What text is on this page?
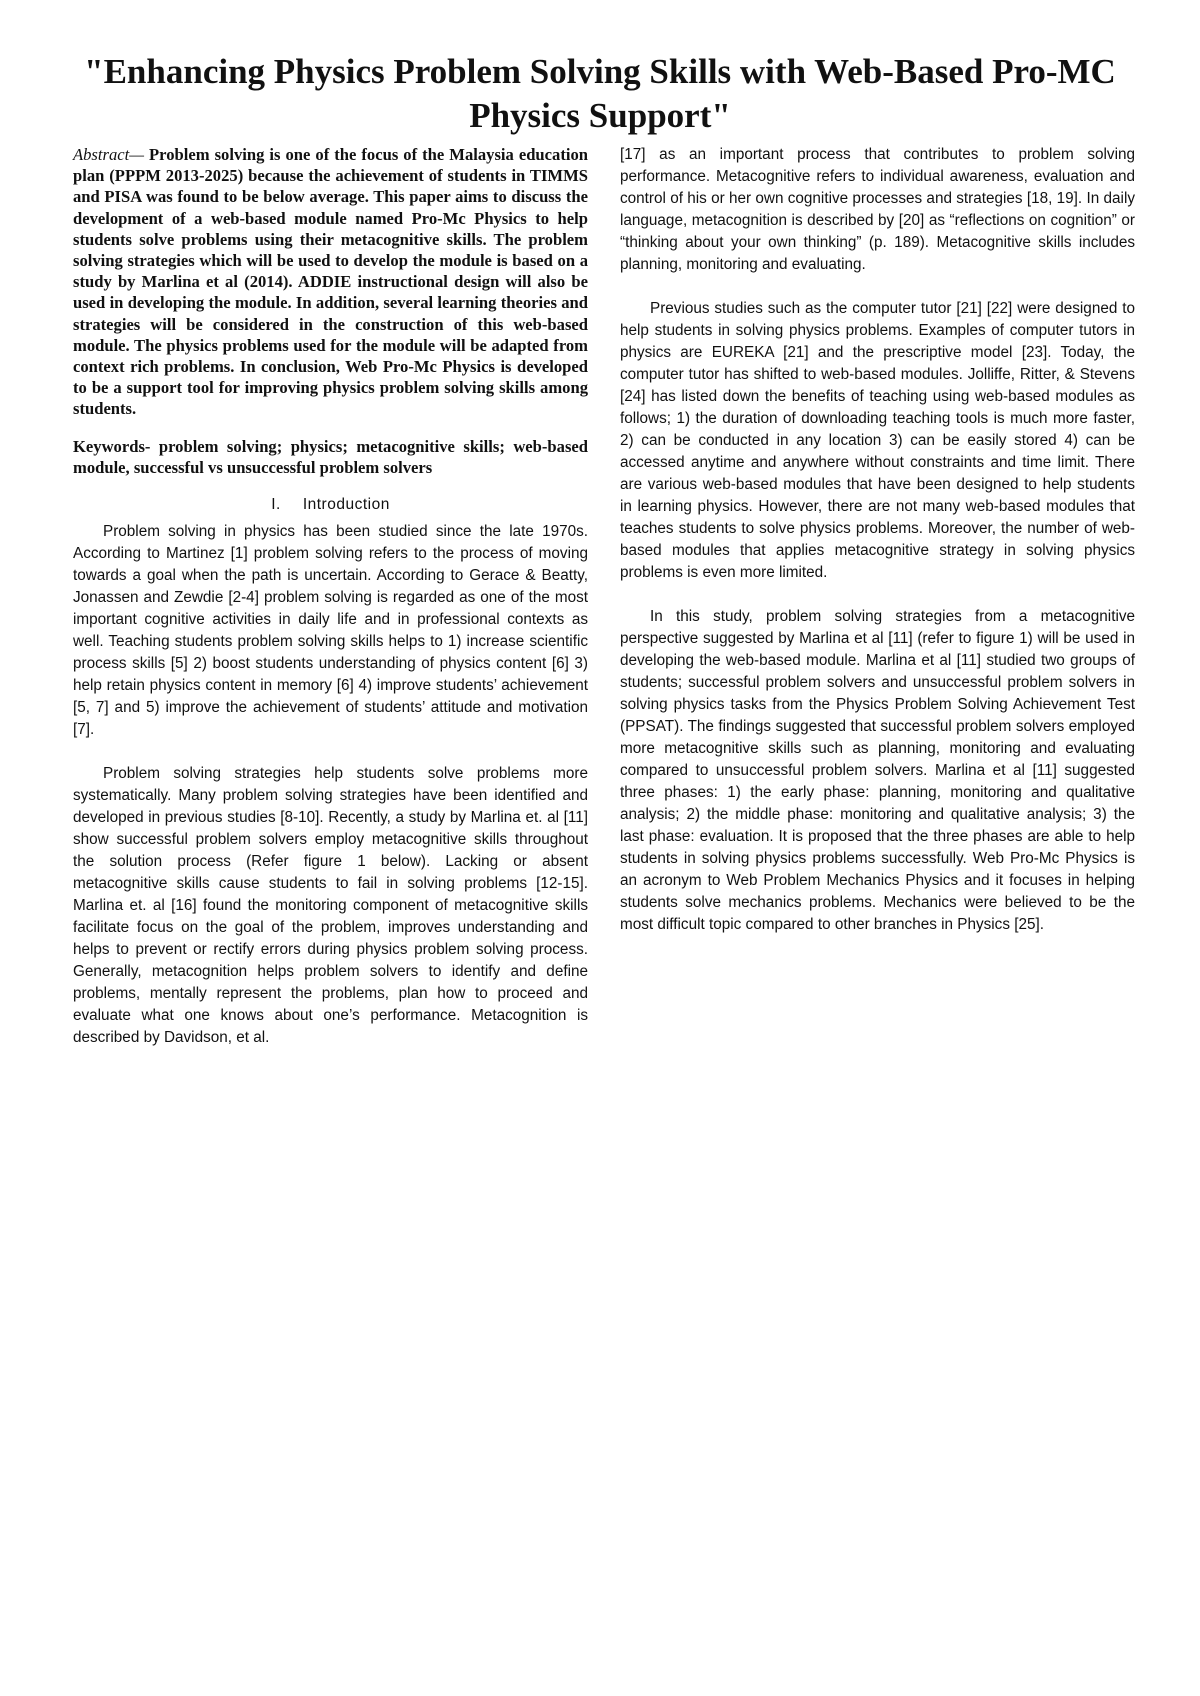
"Enhancing Physics Problem Solving Skills with Web-Based Pro-MC Physics Support"

Abstract— Problem solving is one of the focus of the Malaysia education plan (PPPM 2013-2025) because the achievement of students in TIMMS and PISA was found to be below average. This paper aims to discuss the development of a web-based module named Pro-Mc Physics to help students solve problems using their metacognitive skills. The problem solving strategies which will be used to develop the module is based on a study by Marlina et al (2014). ADDIE instructional design will also be used in developing the module. In addition, several learning theories and strategies will be considered in the construction of this web-based module. The physics problems used for the module will be adapted from context rich problems. In conclusion, Web Pro-Mc Physics is developed to be a support tool for improving physics problem solving skills among students.

Keywords- problem solving; physics; metacognitive skills; web-based module, successful vs unsuccessful problem solvers

I. Introduction

Problem solving in physics has been studied since the late 1970s. According to Martinez [1] problem solving refers to the process of moving towards a goal when the path is uncertain. According to Gerace & Beatty, Jonassen and Zewdie [2-4] problem solving is regarded as one of the most important cognitive activities in daily life and in professional contexts as well. Teaching students problem solving skills helps to 1) increase scientific process skills [5] 2) boost students understanding of physics content [6] 3) help retain physics content in memory [6] 4) improve students’ achievement [5, 7] and 5) improve the achievement of students’ attitude and motivation [7].

Problem solving strategies help students solve problems more systematically. Many problem solving strategies have been identified and developed in previous studies [8-10]. Recently, a study by Marlina et. al [11] show successful problem solvers employ metacognitive skills throughout the solution process (Refer figure 1 below). Lacking or absent metacognitive skills cause students to fail in solving problems [12-15]. Marlina et. al [16] found the monitoring component of metacognitive skills facilitate focus on the goal of the problem, improves understanding and helps to prevent or rectify errors during physics problem solving process. Generally, metacognition helps problem solvers to identify and define problems, mentally represent the problems, plan how to proceed and evaluate what one knows about one’s performance. Metacognition is described by Davidson, et al.

[17] as an important process that contributes to problem solving performance. Metacognitive refers to individual awareness, evaluation and control of his or her own cognitive processes and strategies [18, 19]. In daily language, metacognition is described by [20] as “reflections on cognition” or “thinking about your own thinking” (p. 189). Metacognitive skills includes planning, monitoring and evaluating.

Previous studies such as the computer tutor [21] [22] were designed to help students in solving physics problems. Examples of computer tutors in physics are EUREKA [21] and the prescriptive model [23]. Today, the computer tutor has shifted to web-based modules. Jolliffe, Ritter, & Stevens [24] has listed down the benefits of teaching using web-based modules as follows; 1) the duration of downloading teaching tools is much more faster, 2) can be conducted in any location 3) can be easily stored 4) can be accessed anytime and anywhere without constraints and time limit. There are various web-based modules that have been designed to help students in learning physics. However, there are not many web-based modules that teaches students to solve physics problems. Moreover, the number of web-based modules that applies metacognitive strategy in solving physics problems is even more limited.

In this study, problem solving strategies from a metacognitive perspective suggested by Marlina et al [11] (refer to figure 1) will be used in developing the web-based module. Marlina et al [11] studied two groups of students; successful problem solvers and unsuccessful problem solvers in solving physics tasks from the Physics Problem Solving Achievement Test (PPSAT). The findings suggested that successful problem solvers employed more metacognitive skills such as planning, monitoring and evaluating compared to unsuccessful problem solvers. Marlina et al [11] suggested three phases: 1) the early phase: planning, monitoring and qualitative analysis; 2) the middle phase: monitoring and qualitative analysis; 3) the last phase: evaluation. It is proposed that the three phases are able to help students in solving physics problems successfully. Web Pro-Mc Physics is an acronym to Web Problem Mechanics Physics and it focuses in helping students solve mechanics problems. Mechanics were believed to be the most difficult topic compared to other branches in Physics [25].
